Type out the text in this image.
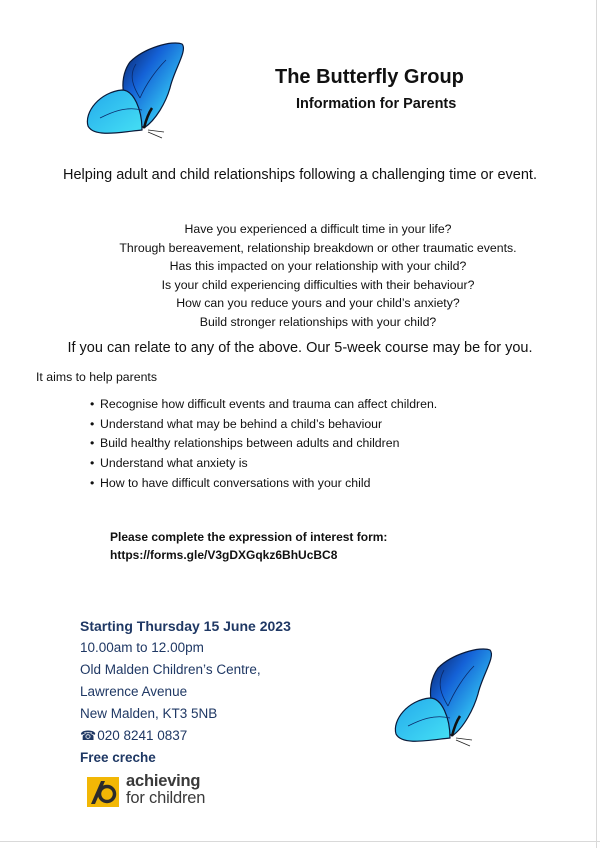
The Butterfly Group
Information for Parents
Helping adult and child relationships following a challenging time or event.
Have you experienced a difficult time in your life?
Through bereavement, relationship breakdown or other traumatic events.
Has this impacted on your relationship with your child?
Is your child experiencing difficulties with their behaviour?
How can you reduce yours and your child’s anxiety?
Build stronger relationships with your child?
If you can relate to any of the above. Our 5-week course may be for you.
It aims to help parents
• Recognise how difficult events and trauma can affect children.
• Understand what may be behind a child’s behaviour
• Build healthy relationships between adults and children
• Understand what anxiety is
• How to have difficult conversations with your child
Please complete the expression of interest form:
https://forms.gle/V3gDXGqkz6BhUcBC8
Starting Thursday 15 June 2023
10.00am to 12.00pm
Old Malden Children’s Centre,
Lawrence Avenue
New Malden, KT3 5NB
☎020 8241 0837
Free creche
achieving
for children
